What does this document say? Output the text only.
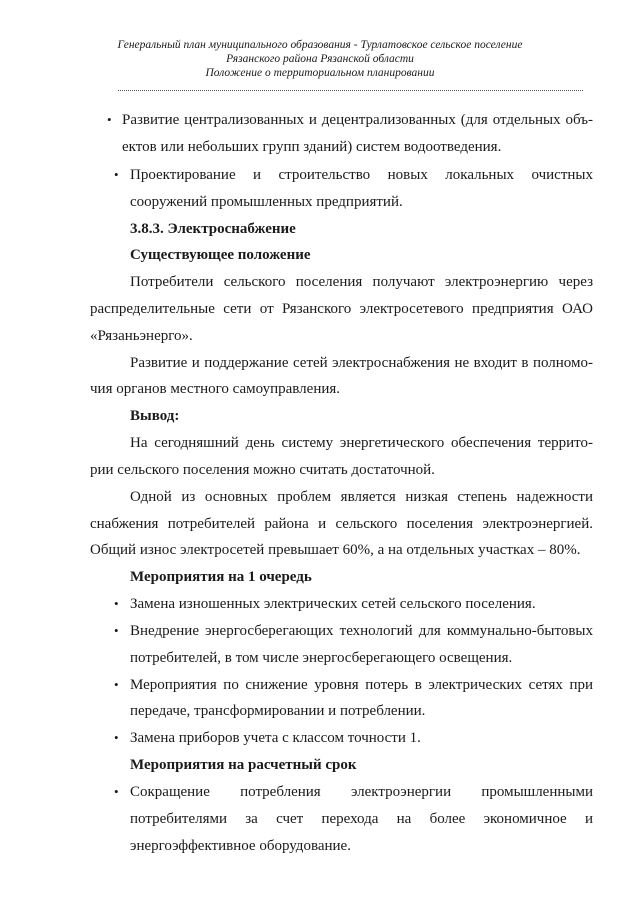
Генеральный план муниципального образования - Турлатовское сельское поселение
Рязанского района Рязанской области
Положение о территориальном планировании
• Развитие централизованных и децентрализованных (для отдельных объ-
ектов или небольших групп зданий) систем водоотведения.
• Проектирование и строительство новых локальных очистных
сооружений промышленных предприятий.
3.8.3. Электроснабжение
Существующее положение
Потребители сельского поселения получают электроэнергию через
распределительные сети от Рязанского электросетевого предприятия ОАО
«Рязаньэнерго».
Развитие и поддержание сетей электроснабжения не входит в полномо-
чия органов местного самоуправления.
Вывод:
На сегодняшний день систему энергетического обеспечения террито-
рии сельского поселения можно считать достаточной.
Одной из основных проблем является низкая степень надежности
снабжения потребителей района и сельского поселения электроэнергией.
Общий износ электросетей превышает 60%, а на отдельных участках – 80%.
Мероприятия на 1 очередь
• Замена изношенных электрических сетей сельского поселения.
• Внедрение энергосберегающих технологий для коммунально-бытовых
потребителей, в том числе энергосберегающего освещения.
• Мероприятия по снижение уровня потерь в электрических сетях при
передаче, трансформировании и потреблении.
• Замена приборов учета с классом точности 1.
Мероприятия на расчетный срок
• Сокращение потребления электроэнергии промышленными
потребителями за счет перехода на более экономичное и
энергоэффективное оборудование.
